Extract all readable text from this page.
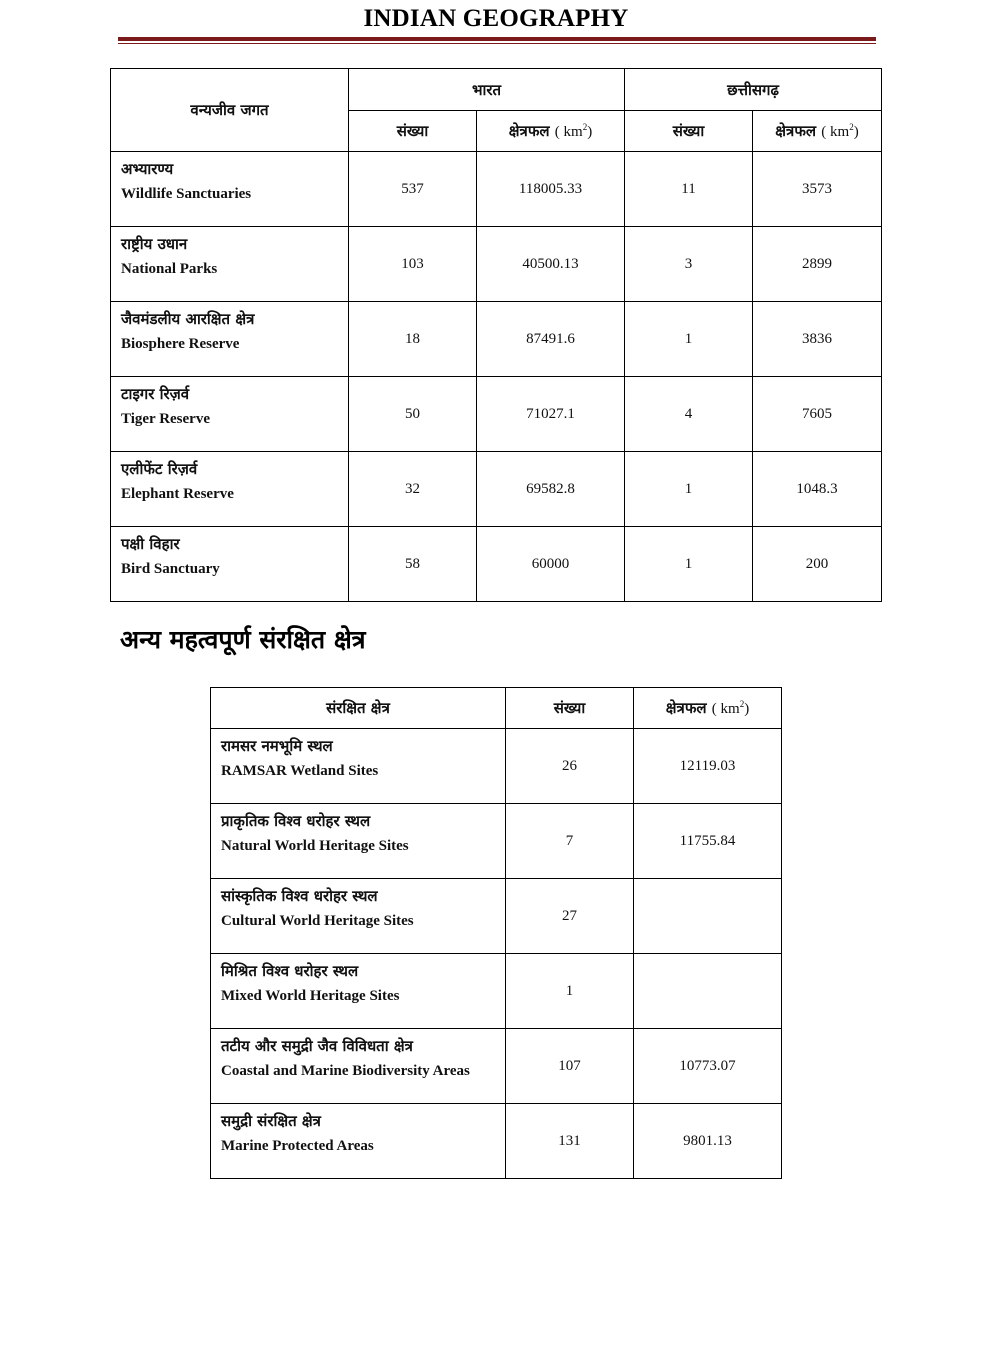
INDIAN GEOGRAPHY
वन्यजीव जगत	भारत		छत्तीसगढ़	
	संख्या	क्षेत्रफल ( $km^2$)	संख्या	क्षेत्रफल ( $km^2$)

अभ्यारण्य
Wildlife Sanctuaries	537	118005.33	11	3573

राष्ट्रीय उधान
National Parks	103	40500.13	3	2899

जैवमंडलीय आरक्षित क्षेत्र
Biosphere Reserve	18	87491.6	1	3836

टाइगर रिज़र्व
Tiger Reserve	50	71027.1	4	7605

एलीफेंट रिज़र्व
Elephant Reserve	32	69582.8	1	1048.3

पक्षी विहार
Bird Sanctuary	58	60000	1	200
अन्य महत्वपूर्ण संरक्षित क्षेत्र
संरक्षित क्षेत्र	संख्या	क्षेत्रफल ( $km^2$)

रामसर नमभूमि स्थल
RAMSAR Wetland Sites	26	12119.03

प्राकृतिक विश्व धरोहर स्थल
Natural World Heritage Sites	7	11755.84

सांस्कृतिक विश्व धरोहर स्थल
Cultural World Heritage Sites	27	

मिश्रित विश्व धरोहर स्थल
Mixed World Heritage Sites	1	

तटीय और समुद्री जैव विविधता क्षेत्र
Coastal and Marine Biodiversity Areas	107	10773.07

समुद्री संरक्षित क्षेत्र
Marine Protected Areas	131	9801.13
